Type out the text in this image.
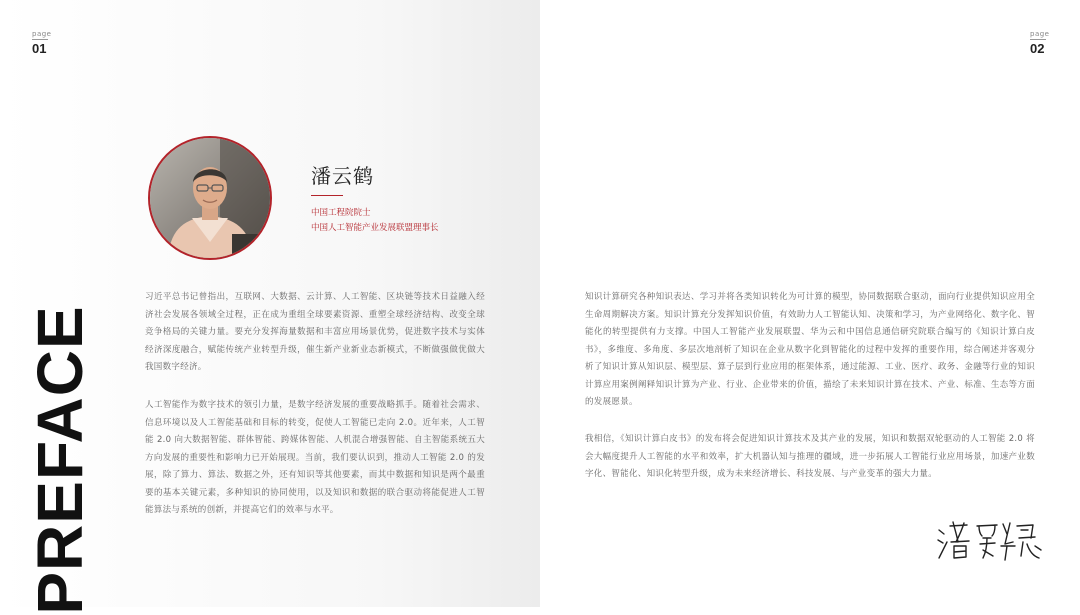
page
01
PREFACE
潘云鹤
中国工程院院士
中国人工智能产业发展联盟理事长

习近平总书记曾指出，互联网、大数据、云计算、人工智能、区块链等技术日益融入经济社会发展各领域全过程，正在成为重组全球要素资源、重塑全球经济结构、改变全球竞争格局的关键力量。要充分发挥海量数据和丰富应用场景优势，促进数字技术与实体经济深度融合，赋能传统产业转型升级，催生新产业新业态新模式，不断做强做优做大我国数字经济。

人工智能作为数字技术的领引力量，是数字经济发展的重要战略抓手。随着社会需求、信息环境以及人工智能基础和目标的转变，促使人工智能已走向 2.0。近年来，人工智能 2.0 向大数据智能、群体智能、跨媒体智能、人机混合增强智能、自主智能系统五大方向发展的重要性和影响力已开始展现。当前，我们要认识到，推动人工智能 2.0 的发展，除了算力、算法、数据之外，还有知识等其他要素，而其中数据和知识是两个最重要的基本关键元素，多种知识的协同使用，以及知识和数据的联合驱动将能促进人工智能算法与系统的创新，并提高它们的效率与水平。

page
02

知识计算研究各种知识表达、学习并将各类知识转化为可计算的模型，协同数据联合驱动，面向行业提供知识应用全生命周期解决方案。知识计算充分发挥知识价值，有效助力人工智能认知、决策和学习，为产业网络化、数字化、智能化的转型提供有力支撑。中国人工智能产业发展联盟、华为云和中国信息通信研究院联合编写的《知识计算白皮书》，多维度、多角度、多层次地剖析了知识在企业从数字化到智能化的过程中发挥的重要作用，综合阐述并客观分析了知识计算从知识层、模型层、算子层到行业应用的框架体系，通过能源、工业、医疗、政务、金融等行业的知识计算应用案例阐释知识计算为产业、行业、企业带来的价值，描绘了未来知识计算在技术、产业、标准、生态等方面的发展愿景。

我相信，《知识计算白皮书》的发布将会促进知识计算技术及其产业的发展，知识和数据双轮驱动的人工智能 2.0 将会大幅度提升人工智能的水平和效率，扩大机器认知与推理的疆域，进一步拓展人工智能行业应用场景，加速产业数字化、智能化、知识化转型升级，成为未来经济增长、科技发展、与产业变革的强大力量。
